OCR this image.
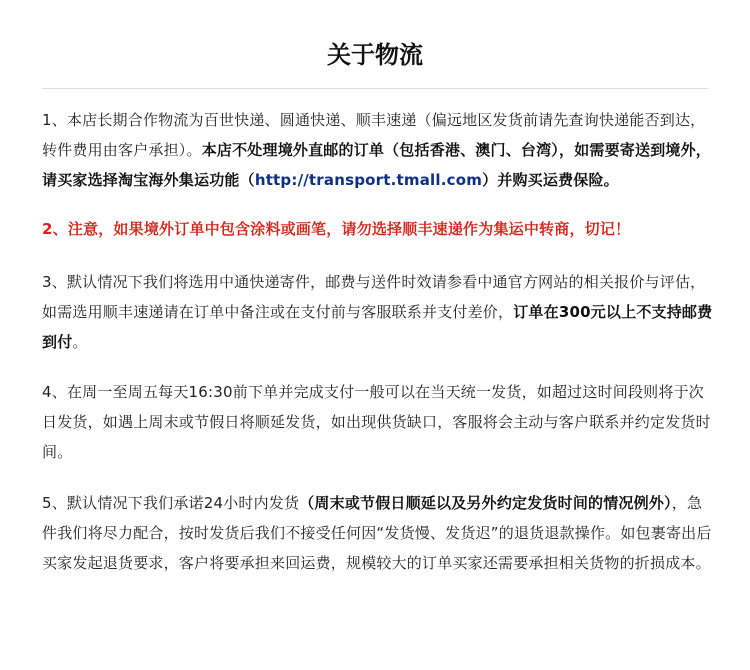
关于物流
1、本店长期合作物流为百世快递、圆通快递、顺丰速递（偏远地区发货前请先查询快递能否到达，转件费用由客户承担）。本店不处理境外直邮的订单（包括香港、澳门、台湾），如需要寄送到境外，请买家选择淘宝海外集运功能（http://transport.tmall.com）并购买运费保险。
2、注意，如果境外订单中包含涂料或画笔，请勿选择顺丰速递作为集运中转商，切记！
3、默认情况下我们将选用中通快递寄件，邮费与送件时效请参看中通官方网站的相关报价与评估，如需选用顺丰速递请在订单中备注或在支付前与客服联系并支付差价，订单在300元以上不支持邮费到付。
4、在周一至周五每天16:30前下单并完成支付一般可以在当天统一发货，如超过这时间段则将于次日发货，如遇上周末或节假日将顺延发货，如出现供货缺口，客服将会主动与客户联系并约定发货时间。
5、默认情况下我们承诺24小时内发货（周末或节假日顺延以及另外约定发货时间的情况例外），急件我们将尽力配合，按时发货后我们不接受任何因“发货慢、发货迟”的退货退款操作。如包裹寄出后买家发起退货要求，客户将要承担来回运费，规模较大的订单买家还需要承担相关货物的折损成本。
